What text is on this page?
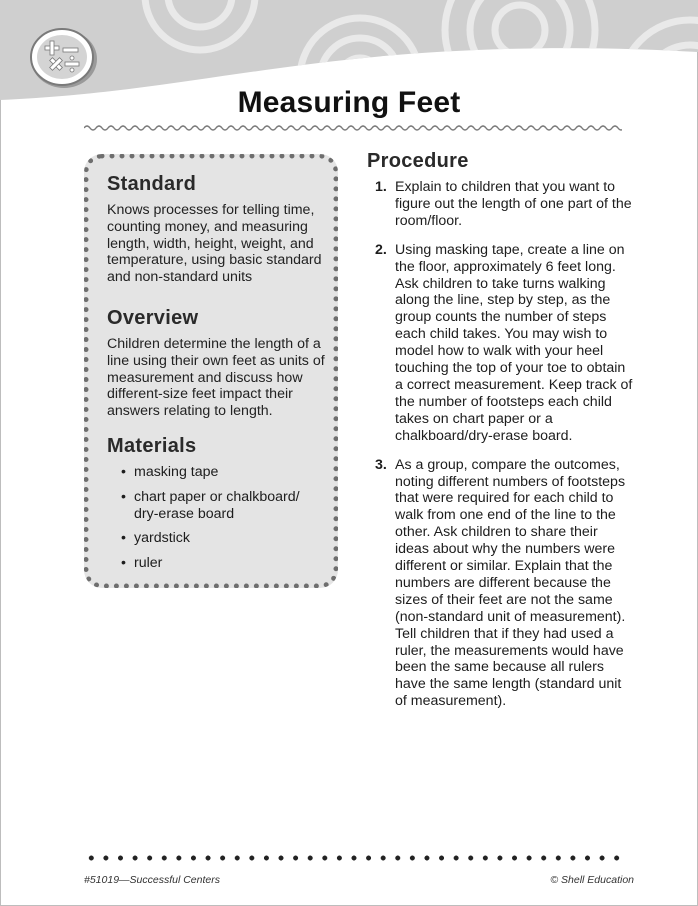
Measuring Feet
Standard

Knows processes for telling time, counting money, and measuring length, width, height, weight, and temperature, using basic standard and non-standard units

Overview

Children determine the length of a line using their own feet as units of measurement and discuss how different-size feet impact their answers relating to length.

Materials
• masking tape
• chart paper or chalkboard/ dry-erase board
• yardstick
• ruler
Procedure
1. Explain to children that you want to figure out the length of one part of the room/floor.
2. Using masking tape, create a line on the floor, approximately 6 feet long. Ask children to take turns walking along the line, step by step, as the group counts the number of steps each child takes. You may wish to model how to walk with your heel touching the top of your toe to obtain a correct measurement. Keep track of the number of footsteps each child takes on chart paper or a chalkboard/dry-erase board.
3. As a group, compare the outcomes, noting different numbers of footsteps that were required for each child to walk from one end of the line to the other. Ask children to share their ideas about why the numbers were different or similar. Explain that the numbers are different because the sizes of their feet are not the same (non-standard unit of measurement). Tell children that if they had used a ruler, the measurements would have been the same because all rulers have the same length (standard unit of measurement).
#51019—Successful Centers	© Shell Education
